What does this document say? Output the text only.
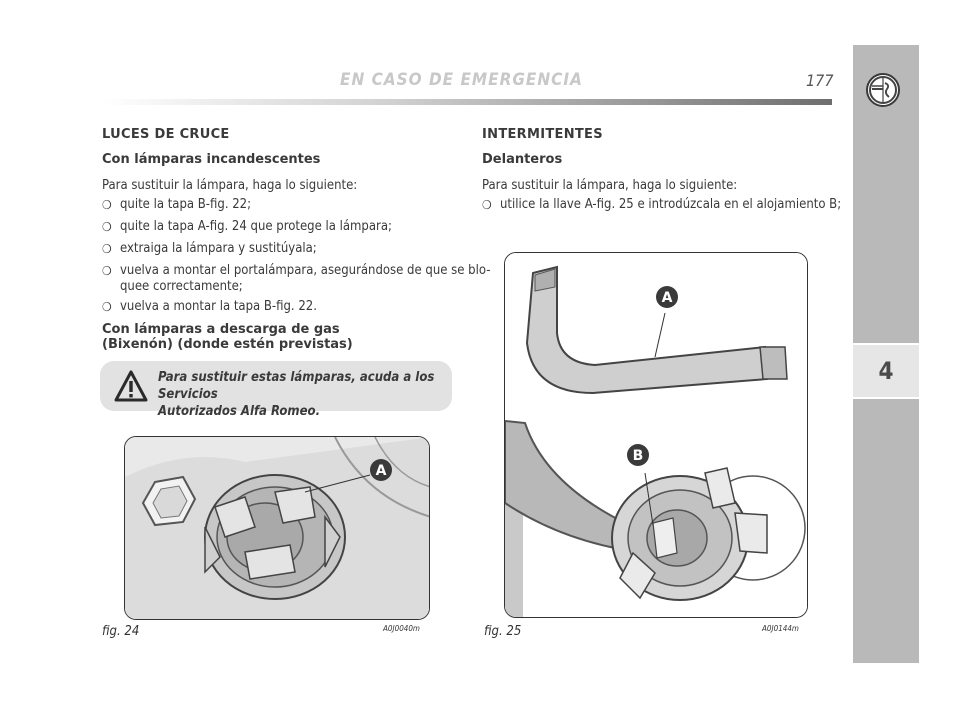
EN CASO DE EMERGENCIA	177
4
LUCES DE CRUCE
Con lámparas incandescentes
Para sustituir la lámpara, haga lo siguiente:
❍ quite la tapa B-fig. 22;
❍ quite la tapa A-fig. 24 que protege la lámpara;
❍ extraiga la lámpara y sustitúyala;
❍ vuelva a montar el portalámpara, asegurándose de que se blo-
quee correctamente;
❍ vuelva a montar la tapa B-fig. 22.
Con lámparas a descarga de gas
(Bixenón) (donde estén previstas)
Para sustituir estas lámparas, acuda a los Servicios
Autorizados Alfa Romeo.
A
fig. 24	A0J0040m
A
B
fig. 25	A0J0144m
INTERMITENTES
Delanteros
Para sustituir la lámpara, haga lo siguiente:
❍ utilice la llave A-fig. 25 e introdúzcala en el alojamiento B;
